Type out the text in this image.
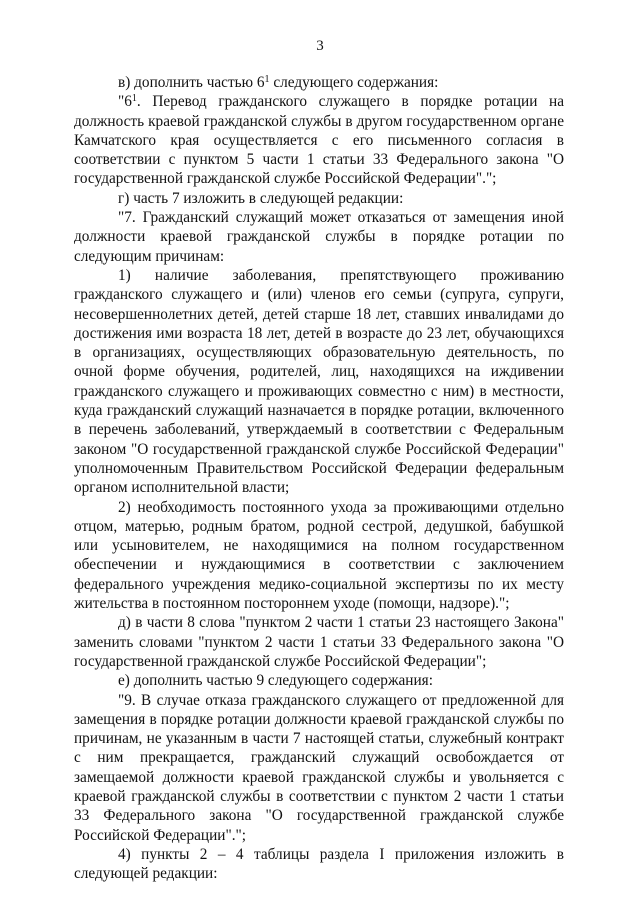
3

в) дополнить частью $6^1$ следующего содержания:

"$6^1$. Перевод гражданского служащего в порядке ротации на должность краевой гражданской службы в другом государственном органе Камчатского края осуществляется с его письменного согласия в соответствии с пунктом 5 части 1 статьи 33 Федерального закона "О государственной гражданской службе Российской Федерации".";

г) часть 7 изложить в следующей редакции:

"7. Гражданский служащий может отказаться от замещения иной должности краевой гражданской службы в порядке ротации по следующим причинам:

1) наличие заболевания, препятствующего проживанию гражданского служащего и (или) членов его семьи (супруга, супруги, несовершеннолетних детей, детей старше 18 лет, ставших инвалидами до достижения ими возраста 18 лет, детей в возрасте до 23 лет, обучающихся в организациях, осуществляющих образовательную деятельность, по очной форме обучения, родителей, лиц, находящихся на иждивении гражданского служащего и проживающих совместно с ним) в местности, куда гражданский служащий назначается в порядке ротации, включенного в перечень заболеваний, утверждаемый в соответствии с Федеральным законом "О государственной гражданской службе Российской Федерации" уполномоченным Правительством Российской Федерации федеральным органом исполнительной власти;

2) необходимость постоянного ухода за проживающими отдельно отцом, матерью, родным братом, родной сестрой, дедушкой, бабушкой или усыновителем, не находящимися на полном государственном обеспечении и нуждающимися в соответствии с заключением федерального учреждения медико-социальной экспертизы по их месту жительства в постоянном постороннем уходе (помощи, надзоре).";

д) в части 8 слова "пунктом 2 части 1 статьи 23 настоящего Закона" заменить словами "пунктом 2 части 1 статьи 33 Федерального закона "О государственной гражданской службе Российской Федерации";

е) дополнить частью 9 следующего содержания:

"9. В случае отказа гражданского служащего от предложенной для замещения в порядке ротации должности краевой гражданской службы по причинам, не указанным в части 7 настоящей статьи, служебный контракт с ним прекращается, гражданский служащий освобождается от замещаемой должности краевой гражданской службы и увольняется с краевой гражданской службы в соответствии с пунктом 2 части 1 статьи 33 Федерального закона "О государственной гражданской службе Российской Федерации".";

4) пункты 2 – 4 таблицы раздела I приложения изложить в следующей редакции:
